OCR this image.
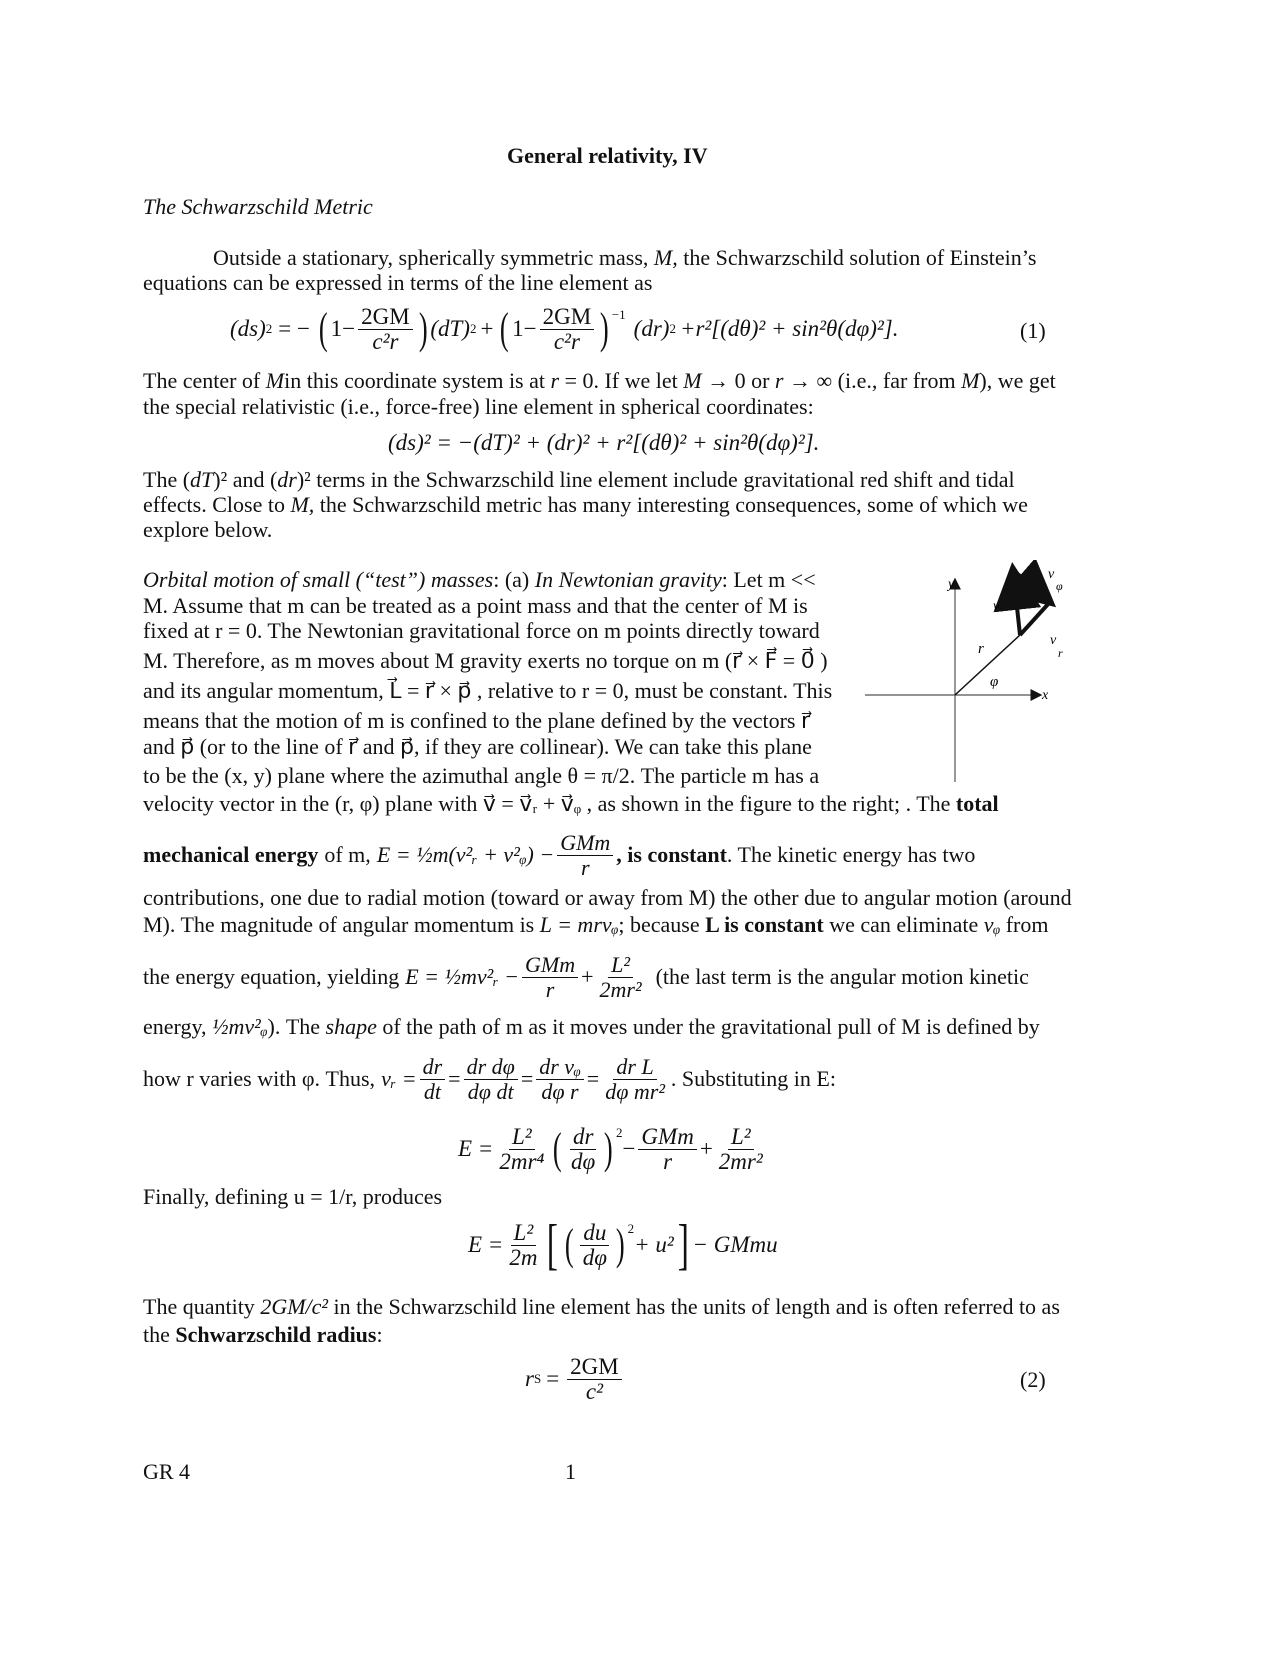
General relativity, IV
The Schwarzschild Metric
Outside a stationary, spherically symmetric mass, M, the Schwarzschild solution of Einstein’s
equations can be expressed in terms of the line element as
(ds) 2 = − ( $1- \frac{2GM}{\text{c²r}}$ ) (dT) 2 + ( $1- \frac{2GM}{\text{c²r}} )^{-1}$
(dr) 2 +r²[(dθ)² + sin²θ(dφ)²].	(1)
The center of Min this coordinate system is at r = 0. If we let M → 0 or r → ∞ (i.e., far from M), we get
the special relativistic (i.e., force-free) line element in spherical coordinates:
(ds)² = −(dT)² + (dr)² + r²[(dθ)² + sin²θ(dφ)²].
The (dT)² and (dr)² terms in the Schwarzschild line element include gravitational red shift and tidal
effects. Close to M, the Schwarzschild metric has many interesting consequences, some of which we
explore below.
Orbital motion of small (“test”) masses: (a) In Newtonian gravity: Let m <<
M. Assume that m can be treated as a point mass and that the center of M is
fixed at r = 0. The Newtonian gravitational force on m points directly toward
M. Therefore, as m moves about M gravity exerts no torque on m (r⃗ × F⃗ = 0⃗ )
and its angular momentum, L⃗ = r⃗ × p⃗ , relative to r = 0, must be constant. This
means that the motion of m is confined to the plane defined by the vectors r⃗
and p⃗ (or to the line of r⃗ and p⃗, if they are collinear). We can take this plane
to be the (x, y) plane where the azimuthal angle θ = π/2. The particle m has a
velocity vector in the (r, φ) plane with v⃗ = v⃗ᵣ + v⃗ᵩ , as shown in the figure to the right; . The total
y
x
r
φ
v⃗
v⃗
φ
v⃗
r
mechanical energy of m, E = ½m(v²ᵣ + v²ᵩ) − $\frac{\text{GMm}}{r}$ , is constant . The kinetic energy has two
contributions, one due to radial motion (toward or away from M) the other due to angular motion (around
M). The magnitude of angular momentum is L = mrvᵩ; because L is constant we can eliminate vᵩ from
the energy equation, yielding E = ½mv²ᵣ − $\frac{\text{GMm}}{r} + \frac{\text{L²}}{\text{2mr²}} (the$ last term is the angular motion kinetic
energy, ½mv²ᵩ). The shape of the path of m as it moves under the gravitational pull of M is defined by
how r varies with φ. Thus, vᵣ = $\frac{dr}{dt} = \frac{\text{dr dφ}}{\text{dφ dt}} = \frac{\text{dr vᵩ}}{\text{dφ r}} = \frac{\text{dr L}}{\text{dφ mr²}}$ . Substituting in E:
$E = \frac{\text{L²}}{\text{2mr⁴}}$ ( $\frac{dr}{d\varphi} )^2$
− $\frac{\text{GMm}}{r} + \frac{\text{L²}}{\text{2mr²}}$
Finally, defining u = 1/r, produces
$E = \frac{\text{L²}}{2m}$ [ ( $\frac{du}{d\varphi} )^2$
+ u² ] − GMmu
The quantity 2GM/c² in the Schwarzschild line element has the units of length and is often referred to as
the Schwarzschild radius:
r $S = \frac{2GM}{\text{c²}}$	(2)
GR 4	1
